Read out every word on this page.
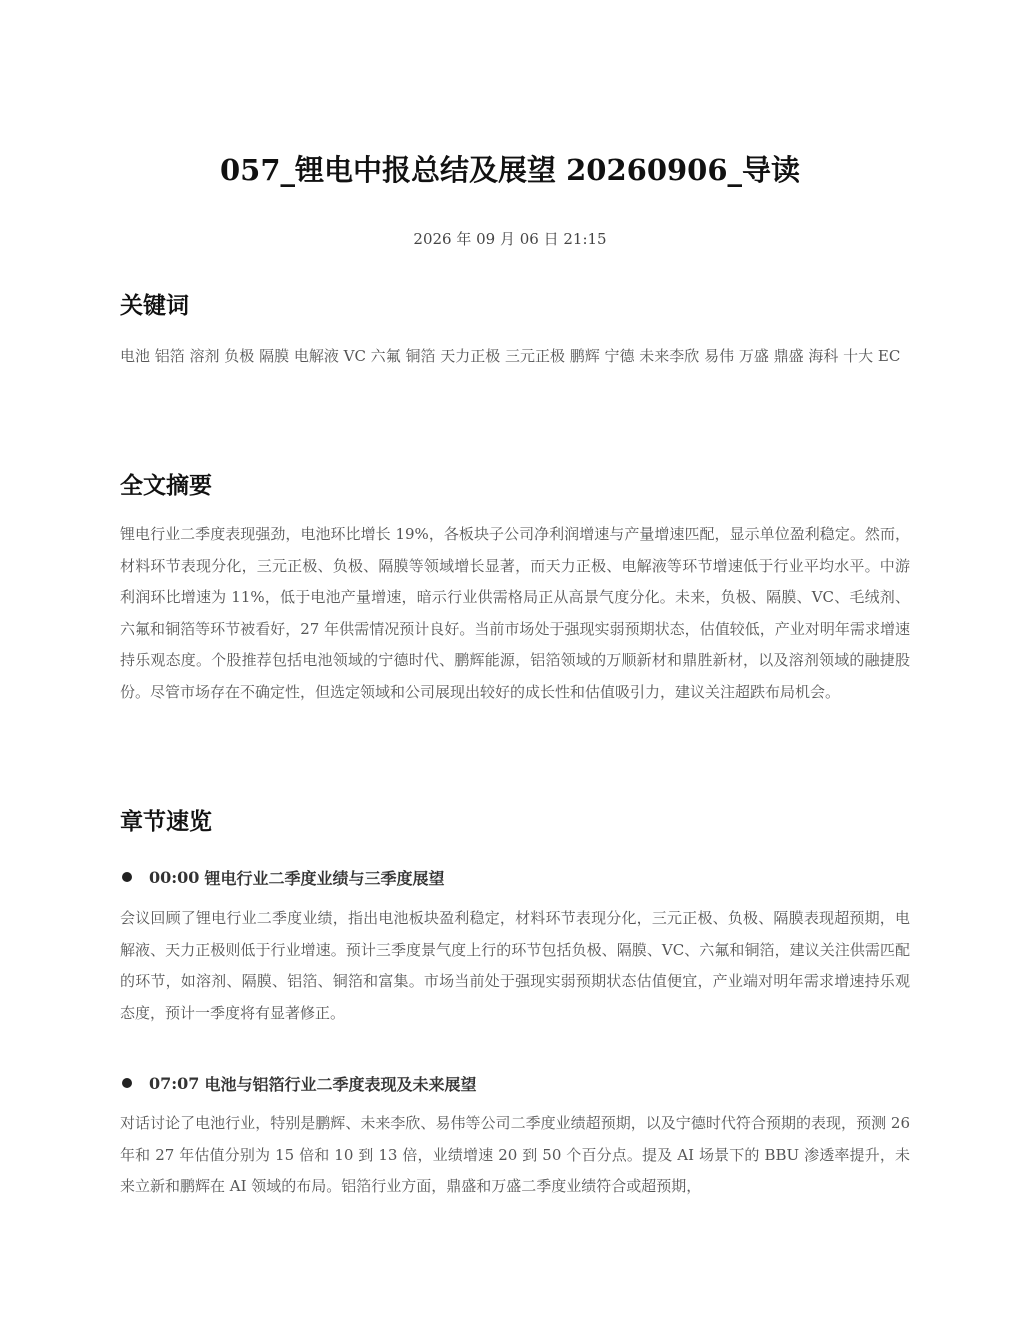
057_锂电中报总结及展望 20260906_导读
2026 年 09 月 06 日 21:15
关键词

电池 铝箔 溶剂 负极 隔膜 电解液 VC 六氟 铜箔 天力正极 三元正极 鹏辉 宁德 未来李欣 易伟 万盛 鼎盛 海科 十大 EC

全文摘要

锂电行业二季度表现强劲，电池环比增长 19%，各板块子公司净利润增速与产量增速匹配，显示单位盈利稳定。然而，材料环节表现分化，三元正极、负极、隔膜等领域增长显著，而天力正极、电解液等环节增速低于行业平均水平。中游利润环比增速为 11%，低于电池产量增速，暗示行业供需格局正从高景气度分化。未来，负极、隔膜、VC、毛绒剂、六氟和铜箔等环节被看好，27 年供需情况预计良好。当前市场处于强现实弱预期状态，估值较低，产业对明年需求增速持乐观态度。个股推荐包括电池领域的宁德时代、鹏辉能源，铝箔领域的万顺新材和鼎胜新材，以及溶剂领域的融捷股份。尽管市场存在不确定性，但选定领域和公司展现出较好的成长性和估值吸引力，建议关注超跌布局机会。

章节速览
00:00 锂电行业二季度业绩与三季度展望

会议回顾了锂电行业二季度业绩，指出电池板块盈利稳定，材料环节表现分化，三元正极、负极、隔膜表现超预期，电解液、天力正极则低于行业增速。预计三季度景气度上行的环节包括负极、隔膜、VC、六氟和铜箔，建议关注供需匹配的环节，如溶剂、隔膜、铝箔、铜箔和富集。市场当前处于强现实弱预期状态估值便宜，产业端对明年需求增速持乐观态度，预计一季度将有显著修正。

07:07 电池与铝箔行业二季度表现及未来展望

对话讨论了电池行业，特别是鹏辉、未来李欣、易伟等公司二季度业绩超预期，以及宁德时代符合预期的表现，预测 26 年和 27 年估值分别为 15 倍和 10 到 13 倍，业绩增速 20 到 50 个百分点。提及 AI 场景下的 BBU 渗透率提升，未来立新和鹏辉在 AI 领域的布局。铝箔行业方面，鼎盛和万盛二季度业绩符合或超预期，
